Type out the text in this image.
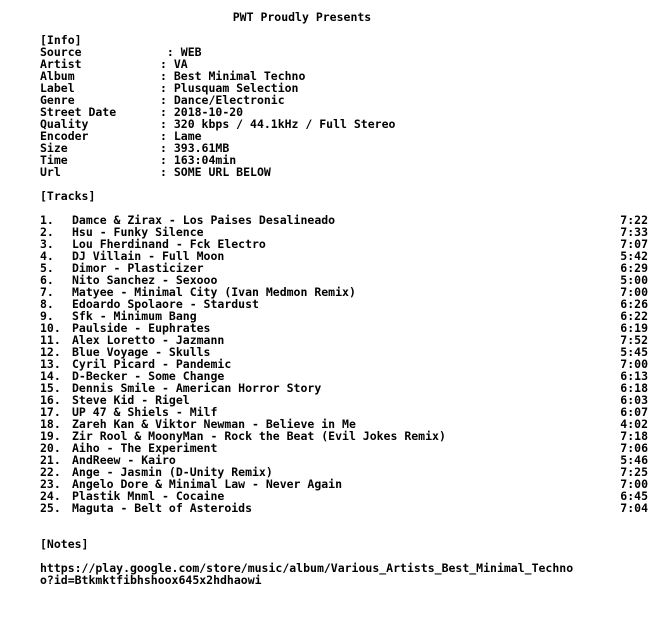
PWT Proudly Presents
[Info]
Source	: WEB
Artist	: VA
Album	: Best Minimal Techno
Label	: Plusquam Selection
Genre	: Dance/Electronic
Street Date	: 2018-10-20
Quality	: 320 kbps / 44.1kHz / Full Stereo
Encoder	: Lame
Size	: 393.61MB
Time	: 163:04min
Url	: SOME URL BELOW
[Tracks]
1.	Damce & Zirax - Los Paises Desalineado	7:22
2.	Hsu - Funky Silence	7:33
3.	Lou Fherdinand - Fck Electro	7:07
4.	DJ Villain - Full Moon	5:42
5.	Dimor - Plasticizer	6:29
6.	Nito Sanchez - Sexooo	5:00
7.	Matyee - Minimal City (Ivan Medmon Remix)	7:00
8.	Edoardo Spolaore - Stardust	6:26
9.	Sfk - Minimum Bang	6:22
10. Paulside - Euphrates	6:19
11. Alex Loretto - Jazmann	7:52
12. Blue Voyage - Skulls	5:45
13. Cyril Picard - Pandemic	7:00
14. D-Becker - Some Change	6:13
15. Dennis Smile - American Horror Story	6:18
16. Steve Kid - Rigel	6:03
17. UP 47 & Shiels - Milf	6:07
18. Zareh Kan & Viktor Newman - Believe in Me	4:02
19. Zir Rool & MoonyMan - Rock the Beat (Evil Jokes Remix)	7:18
20. Aiho - The Experiment	7:06
21. AndReew - Kairo	5:46
22. Ange - Jasmin (D-Unity Remix)	7:25
23. Angelo Dore & Minimal Law - Never Again	7:00
24. Plastik Mnml - Cocaine	6:45
25. Maguta - Belt of Asteroids	7:04
[Notes]
https://play.google.com/store/music/album/Various_Artists_Best_Minimal_Techno
o?id=Btkmktfibhshoox645x2hdhaowi
